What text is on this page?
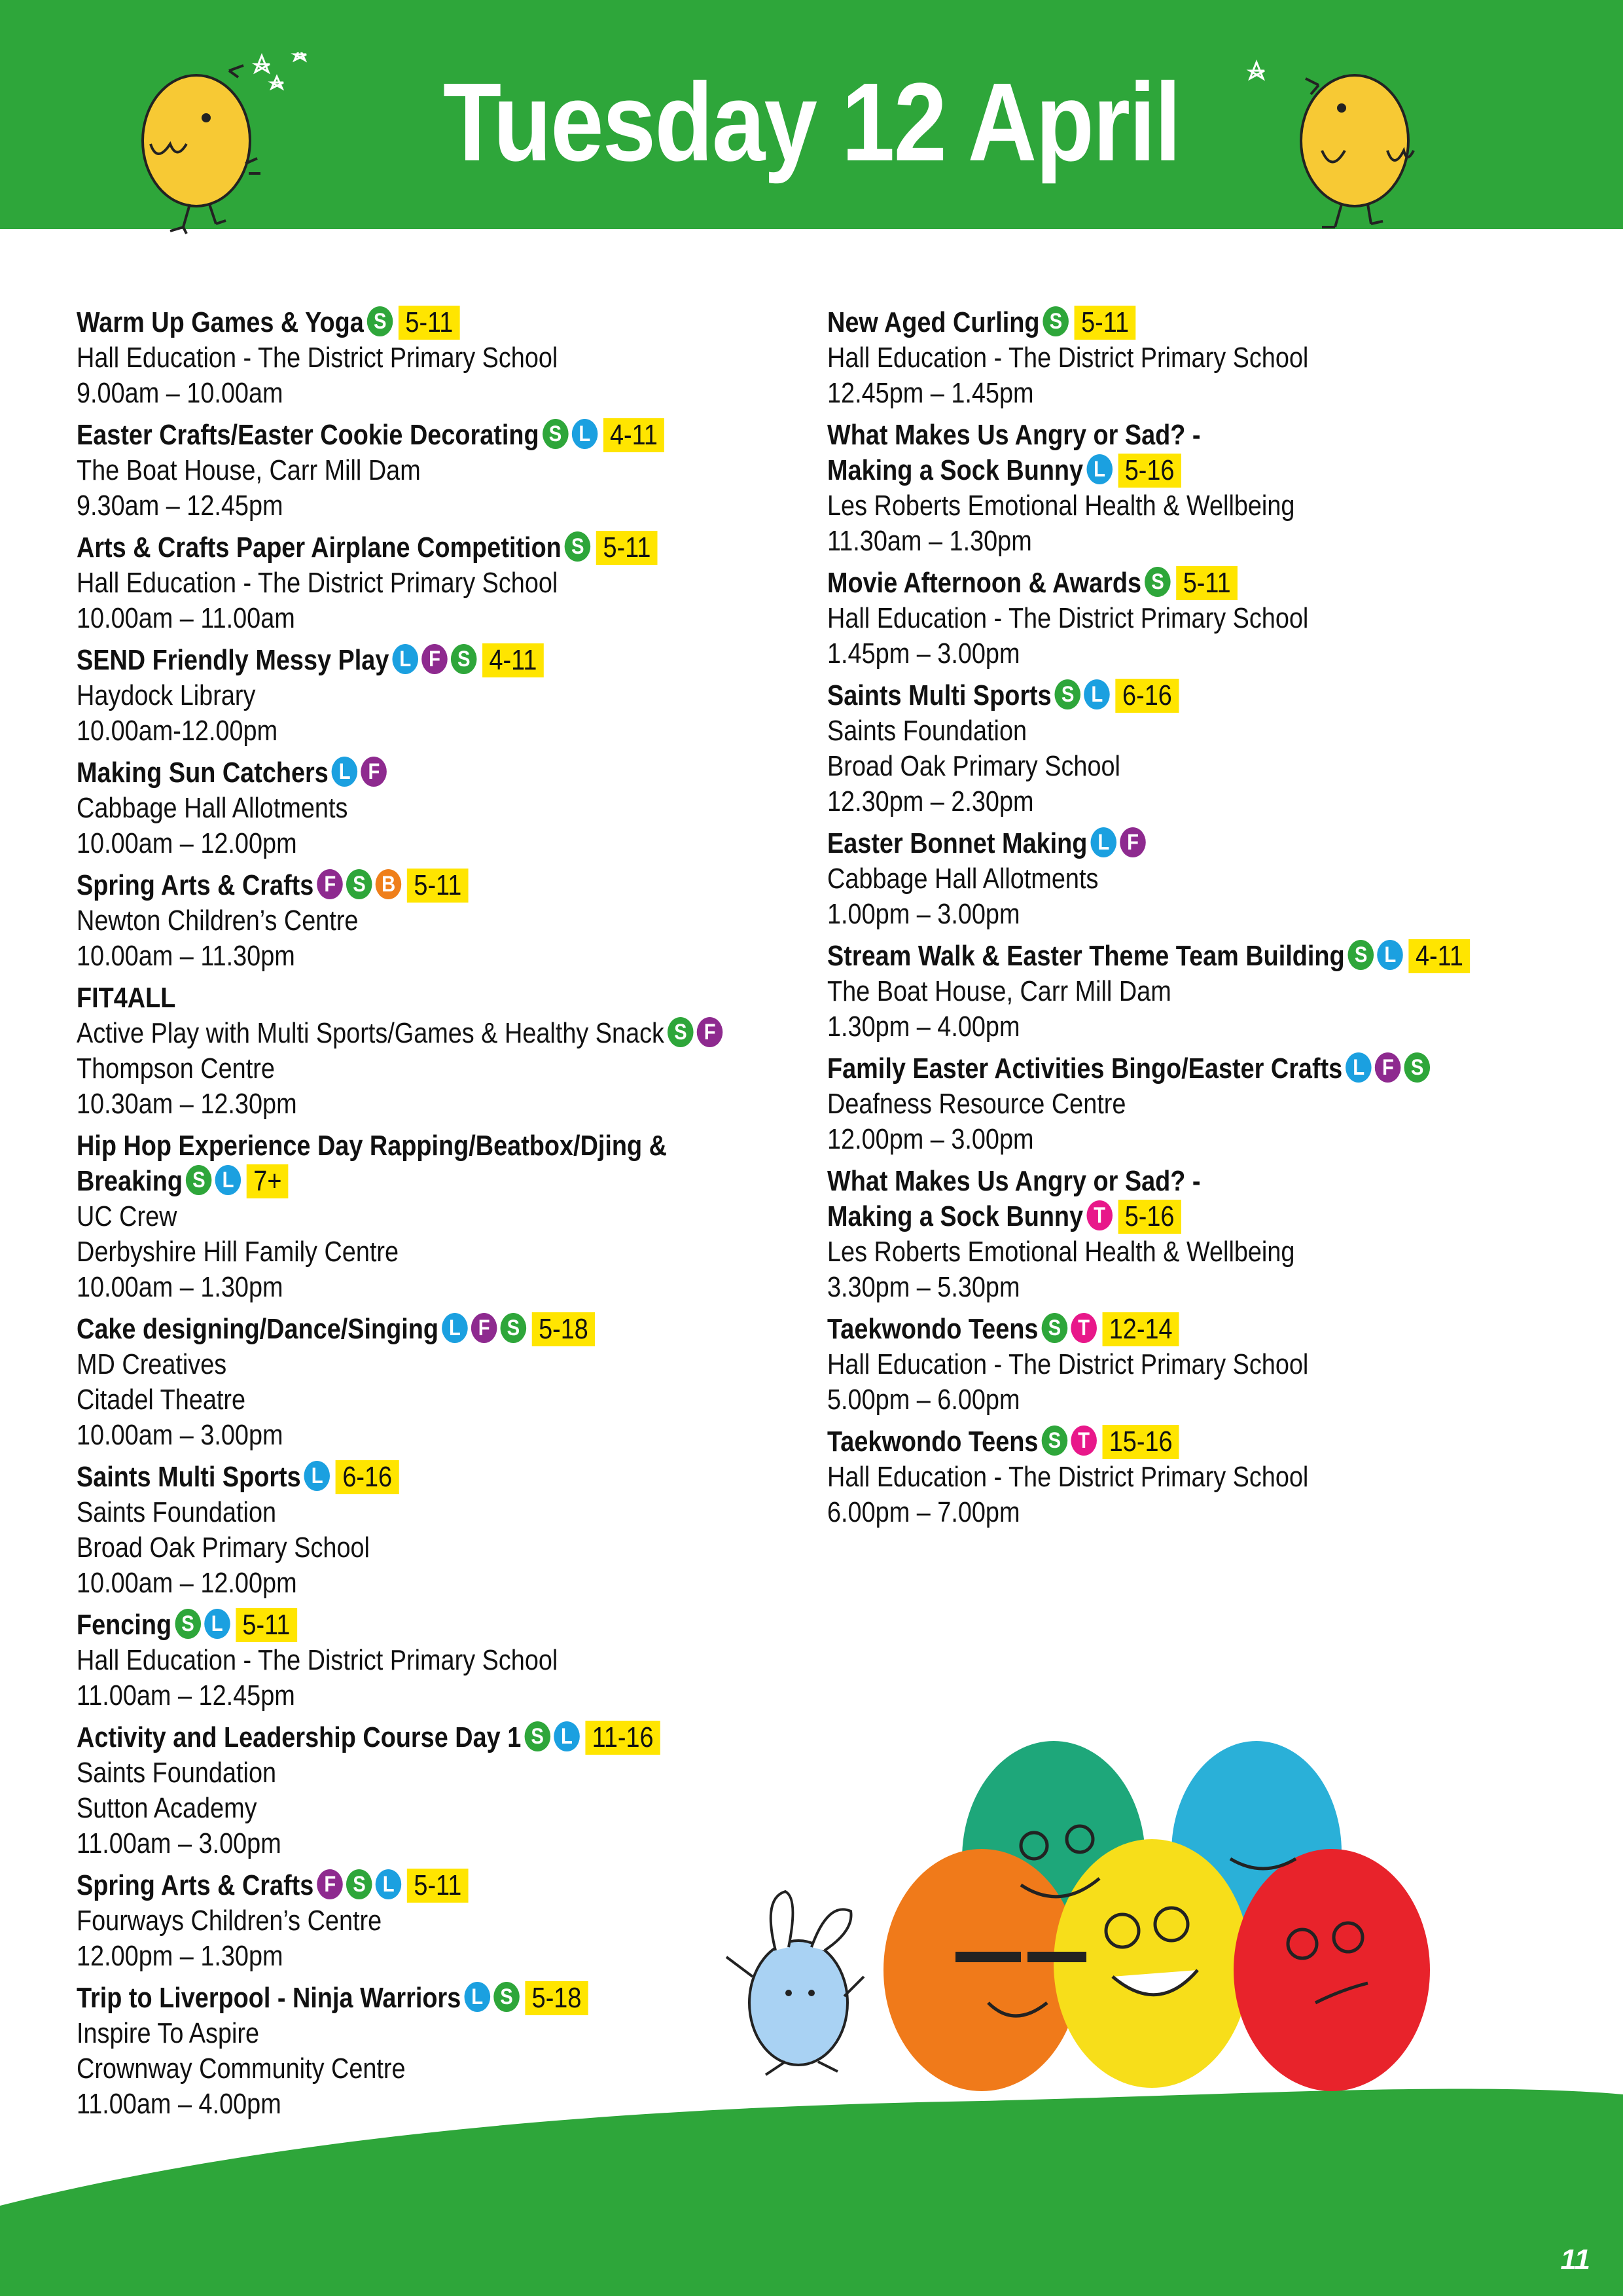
Tuesday 12 April
Warm Up Games & Yoga S 5-11
Hall Education - The District Primary School
9.00am – 10.00am
Easter Crafts/Easter Cookie Decorating S L 4-11
The Boat House, Carr Mill Dam
9.30am – 12.45pm
Arts & Crafts Paper Airplane Competition S 5-11
Hall Education - The District Primary School
10.00am – 11.00am
SEND Friendly Messy Play L F S 4-11
Haydock Library
10.00am-12.00pm
Making Sun Catchers L F
Cabbage Hall Allotments
10.00am – 12.00pm
Spring Arts & Crafts F S B 5-11
Newton Children’s Centre
10.00am – 11.30pm
FIT4ALL
Active Play with Multi Sports/Games & Healthy Snack S F
Thompson Centre
10.30am – 12.30pm
Hip Hop Experience Day Rapping/Beatbox/Djing &
Breaking S L 7+
UC Crew
Derbyshire Hill Family Centre
10.00am – 1.30pm
Cake designing/Dance/Singing L F S 5-18
MD Creatives
Citadel Theatre
10.00am – 3.00pm
Saints Multi Sports L 6-16
Saints Foundation
Broad Oak Primary School
10.00am – 12.00pm
Fencing S L 5-11
Hall Education - The District Primary School
11.00am – 12.45pm
Activity and Leadership Course Day 1 S L 11-16
Saints Foundation
Sutton Academy
11.00am – 3.00pm
Spring Arts & Crafts F S L 5-11
Fourways Children’s Centre
12.00pm – 1.30pm
Trip to Liverpool - Ninja Warriors L S 5-18
Inspire To Aspire
Crownway Community Centre
11.00am – 4.00pm
New Aged Curling S 5-11
Hall Education - The District Primary School
12.45pm – 1.45pm
What Makes Us Angry or Sad? -
Making a Sock Bunny L 5-16
Les Roberts Emotional Health & Wellbeing
11.30am – 1.30pm
Movie Afternoon & Awards S 5-11
Hall Education - The District Primary School
1.45pm – 3.00pm
Saints Multi Sports S L 6-16
Saints Foundation
Broad Oak Primary School
12.30pm – 2.30pm
Easter Bonnet Making L F
Cabbage Hall Allotments
1.00pm – 3.00pm
Stream Walk & Easter Theme Team Building S L 4-11
The Boat House, Carr Mill Dam
1.30pm – 4.00pm
Family Easter Activities Bingo/Easter Crafts L F S
Deafness Resource Centre
12.00pm – 3.00pm
What Makes Us Angry or Sad? -
Making a Sock Bunny T 5-16
Les Roberts Emotional Health & Wellbeing
3.30pm – 5.30pm
Taekwondo Teens S T 12-14
Hall Education - The District Primary School
5.00pm – 6.00pm
Taekwondo Teens S T 15-16
Hall Education - The District Primary School
6.00pm – 7.00pm
11
